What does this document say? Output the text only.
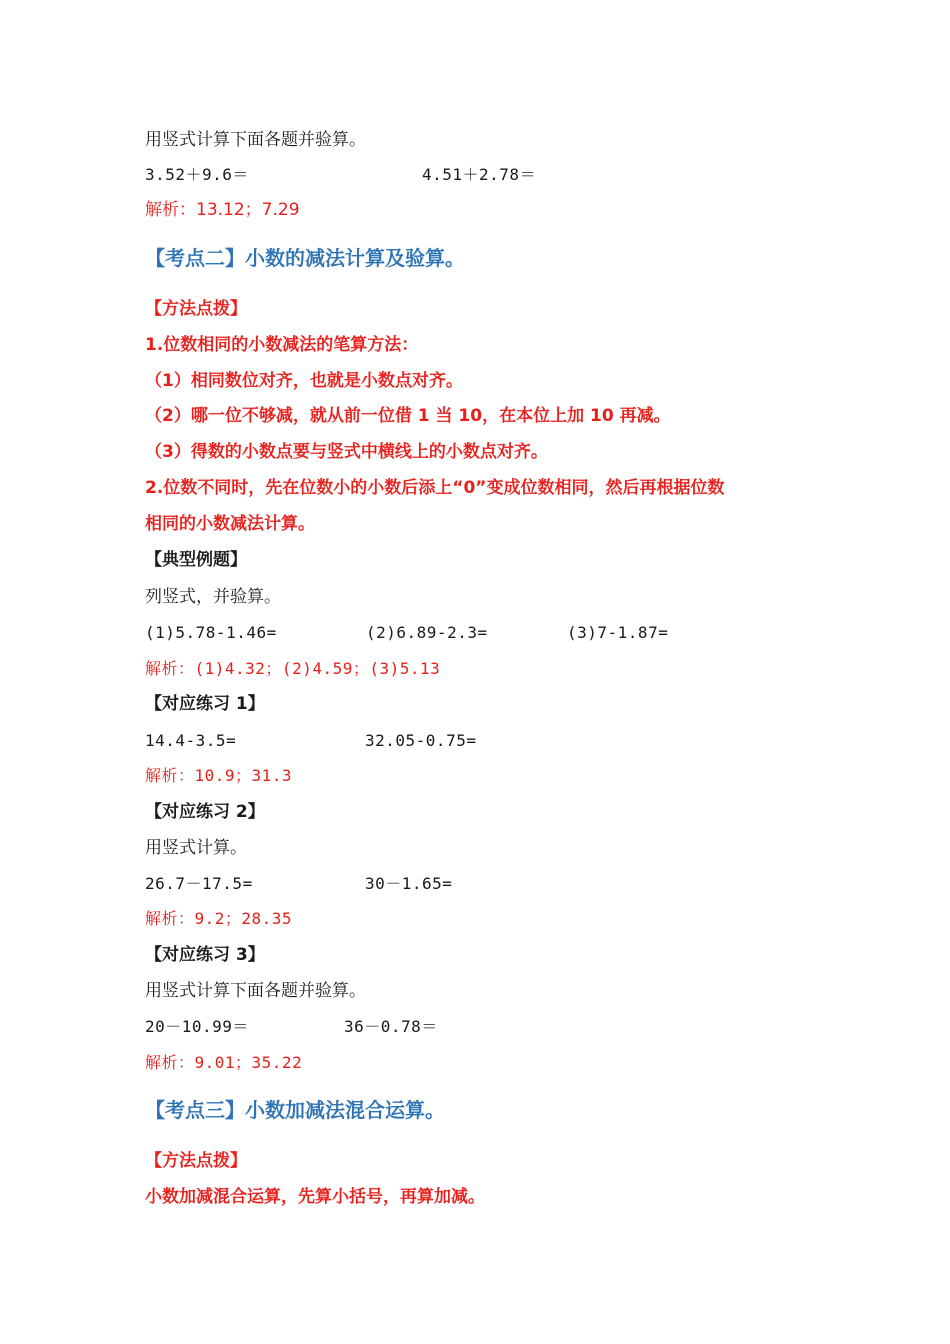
用竖式计算下面各题并验算。
3.52＋9.6＝	4.51＋2.78＝
解析：13.12；7.29
【考点二】小数的减法计算及验算。
【方法点拨】
1.位数相同的小数减法的笔算方法：
（1）相同数位对齐，也就是小数点对齐。
（2）哪一位不够减，就从前一位借 1 当 10，在本位上加 10 再减。
（3）得数的小数点要与竖式中横线上的小数点对齐。
2.位数不同时，先在位数小的小数后添上“0”变成位数相同，然后再根据位数
相同的小数减法计算。
【典型例题】
列竖式，并验算。
(1)5.78-1.46=	(2)6.89-2.3=	(3)7-1.87=
解析：(1)4.32；(2)4.59；(3)5.13
【对应练习 1】
14.4-3.5=	32.05-0.75=
解析：10.9；31.3
【对应练习 2】
用竖式计算。
26.7－17.5=	30－1.65=
解析：9.2；28.35
【对应练习 3】
用竖式计算下面各题并验算。
20－10.99＝	36－0.78＝
解析：9.01；35.22
【考点三】小数加减法混合运算。
【方法点拨】
小数加减混合运算，先算小括号，再算加减。
